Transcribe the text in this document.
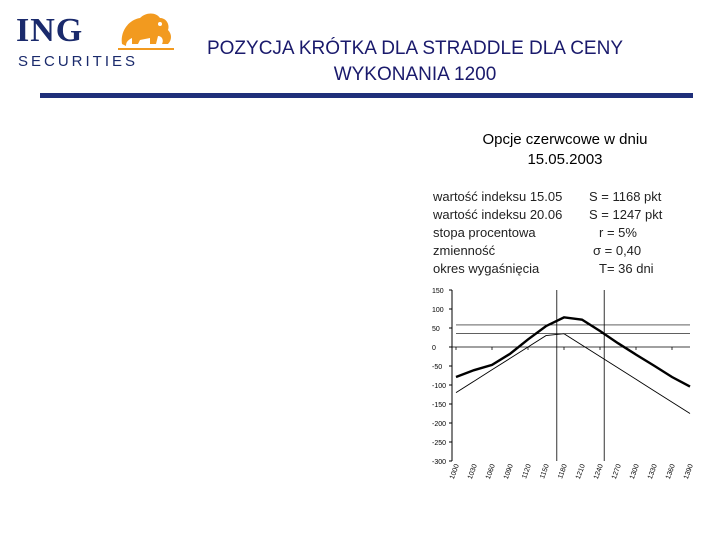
ING
SECURITIES
POZYCJA KRÓTKA DLA STRADDLE DLA CENY
WYKONANIA 1200
Opcje czerwcowe w dniu
15.05.2003
wartość indeksu 15.05 S = 1168 pkt
wartość indeksu 20.06 S = 1247 pkt
stopa procentowa	r = 5%
zmienność	σ = 0,40
okres wygaśnięcia	T= 36 dni
150
100
50
0
-50
-100
-150
-200
-250
-300
1000 1030 1060 1090 1120 1150 1180 1210 1240 1270 1300 1330 1360 1390
